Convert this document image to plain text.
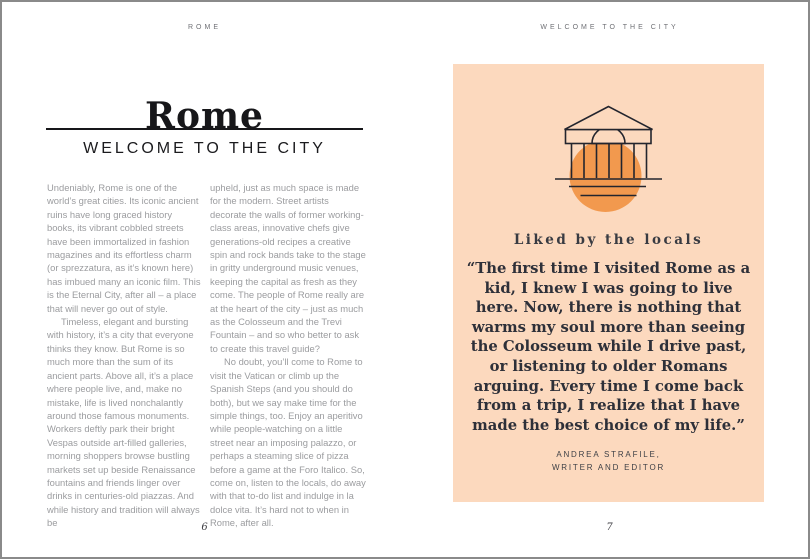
ROME	WELCOME TO THE CITY
Rome
WELCOME TO THE CITY

Undeniably, Rome is one of the world’s great cities. Its iconic ancient ruins have long graced history books, its vibrant cobbled streets have been immortalized in fashion magazines and its effortless charm (or sprezzatura, as it’s known here) has imbued many an iconic film. This is the Eternal City, after all – a place that will never go out of style.

Timeless, elegant and bursting with history, it’s a city that everyone thinks they know. But Rome is so much more than the sum of its ancient parts. Above all, it’s a place where people live, and, make no mistake, life is lived nonchalantly around those famous monuments. Workers deftly park their bright Vespas outside art-filled galleries, morning shoppers browse bustling markets set up beside Renaissance fountains and friends linger over drinks in centuries-old piazzas. And while history and tradition will always be

upheld, just as much space is made for the modern. Street artists decorate the walls of former working-class areas, innovative chefs give generations-old recipes a creative spin and rock bands take to the stage in gritty underground music venues, keeping the capital as fresh as they come. The people of Rome really are at the heart of the city – just as much as the Colosseum and the Trevi Fountain – and so who better to ask to create this travel guide?

No doubt, you’ll come to Rome to visit the Vatican or climb up the Spanish Steps (and you should do both), but we say make time for the simple things, too. Enjoy an aperitivo while people-watching on a little street near an imposing palazzo, or perhaps a steaming slice of pizza before a game at the Foro Italico. So, come on, listen to the locals, do away with that to-do list and indulge in la dolce vita. It’s hard not to when in Rome, after all.

Liked by the locals
“The first time I visited Rome as a kid, I knew I was going to live here. Now, there is nothing that warms my soul more than seeing the Colosseum while I drive past, or listening to older Romans arguing. Every time I come back from a trip, I realize that I have made the best choice of my life.”
ANDREA STRAFILE,
WRITER AND EDITOR
6	7
